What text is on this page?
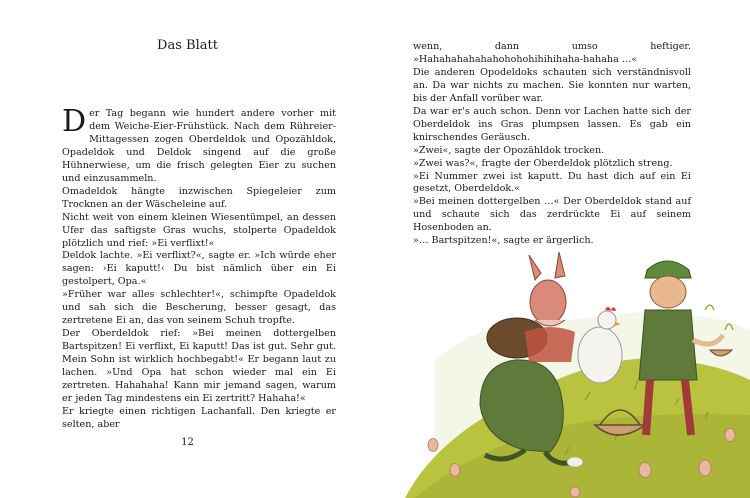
Das Blatt

Der Tag begann wie hundert andere vorher mit dem Weiche-Eier-Frühstück. Nach dem Rühreier-Mittagessen zogen Oberdeldok und Opozähldok, Opadeldok und Deldok singend auf die große Hühnerwiese, um die frisch gelegten Eier zu suchen und einzusammeln.

Omadeldok hängte inzwischen Spiegeleier zum Trocknen an der Wäscheleine auf.

Nicht weit von einem kleinen Wiesentümpel, an dessen Ufer das saftigste Gras wuchs, stolperte Opadeldok plötzlich und rief: »Ei verflixt!«

Deldok lachte. »Ei verflixt?«, sagte er. »Ich würde eher sagen: ›Ei kaputt!‹ Du bist nämlich über ein Ei gestolpert, Opa.«

»Früher war alles schlechter!«, schimpfte Opadeldok und sah sich die Bescherung, besser gesagt, das zertretene Ei an, das von seinem Schuh tropfte.

Der Oberdeldok rief: »Bei meinen dottergelben Bartspitzen! Ei verflixt, Ei kaputt! Das ist gut. Sehr gut. Mein Sohn ist wirklich hochbegabt!« Er begann laut zu lachen. »Und Opa hat schon wieder mal ein Ei zertreten. Hahahaha! Kann mir jemand sagen, warum er jeden Tag mindestens ein Ei zertritt? Hahaha!«

Er kriegte einen richtigen Lachanfall. Den kriegte er selten, aber

12

wenn, dann umso heftiger. »Hahahahahahahohohohihihihaha-hahaha …«

Die anderen Opodeldoks schauten sich verständnisvoll an. Da war nichts zu machen. Sie konnten nur warten, bis der Anfall vorüber war.

Da war er's auch schon. Denn vor Lachen hatte sich der Oberdeldok ins Gras plumpsen lassen. Es gab ein knirschendes Geräusch.

»Zwei«, sagte der Opozähldok trocken.

»Zwei was?«, fragte der Oberdeldok plötzlich streng.

»Ei Nummer zwei ist kaputt. Du hast dich auf ein Ei gesetzt, Oberdeldok.«

»Bei meinen dottergelben …« Der Oberdeldok stand auf und schaute sich das zerdrückte Ei auf seinem Hosenboden an.

»… Bartspitzen!«, sagte er ärgerlich.
